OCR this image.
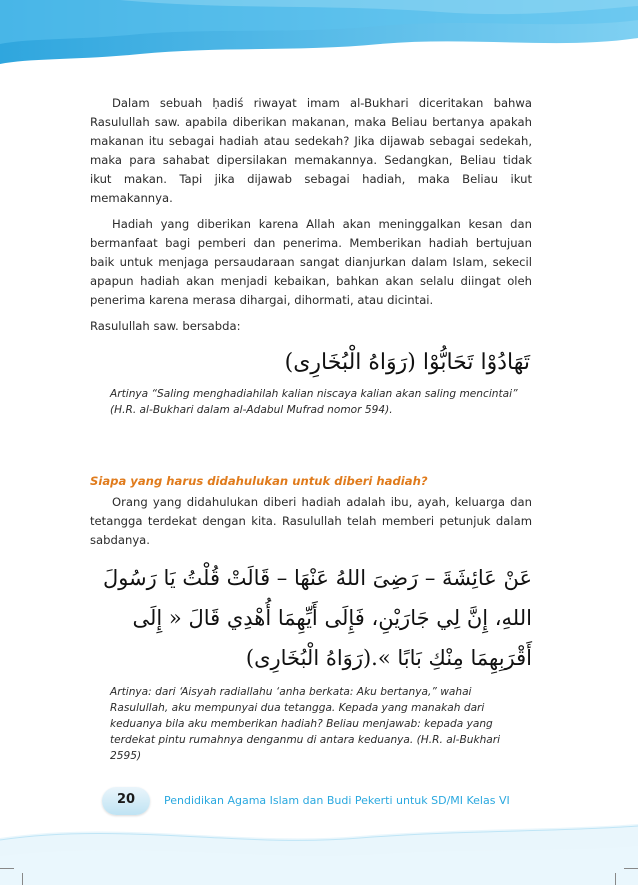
Dalam sebuah ḥadiś riwayat imam al-Bukhari diceritakan bahwa Rasulullah saw. apabila diberikan makanan, maka Beliau bertanya apakah makanan itu sebagai hadiah atau sedekah? Jika dijawab sebagai sedekah, maka para sahabat dipersilakan memakannya. Sedangkan, Beliau tidak ikut makan. Tapi jika dijawab sebagai hadiah, maka Beliau ikut memakannya.

Hadiah yang diberikan karena Allah akan meninggalkan kesan dan bermanfaat bagi pemberi dan penerima. Memberikan hadiah bertujuan baik untuk menjaga persaudaraan sangat dianjurkan dalam Islam, sekecil apapun hadiah akan menjadi kebaikan, bahkan akan selalu diingat oleh penerima karena merasa dihargai, dihormati, atau dicintai.

Rasulullah saw. bersabda:

تَهَادُوْا تَحَابُّوْا (رَوَاهُ الْبُخَارِى)
Artinya “Saling menghadiahilah kalian niscaya kalian akan saling mencintai” (H.R. al-Bukhari dalam al-Adabul Mufrad nomor 594).
Siapa yang harus didahulukan untuk diberi hadiah?

Orang yang didahulukan diberi hadiah adalah ibu, ayah, keluarga dan tetangga terdekat dengan kita. Rasulullah telah memberi petunjuk dalam sabdanya.

عَنْ عَائِشَةَ – رَضِىَ اللهُ عَنْهَا – قَالَتْ قُلْتُ يَا رَسُولَ اللهِ، إِنَّ لِي جَارَيْنِ، فَإِلَى أَيِّهِمَا أُهْدِي قَالَ « إِلَى أَقْرَبِهِمَا مِنْكِ بَابًا ».(رَوَاهُ الْبُخَارِى)
Artinya: dari ‘Aisyah radiallahu ‘anha berkata: Aku bertanya,” wahai Rasulullah, aku mempunyai dua tetangga. Kepada yang manakah dari keduanya bila aku memberikan hadiah? Beliau menjawab: kepada yang terdekat pintu rumahnya denganmu di antara keduanya. (H.R. al-Bukhari 2595)
20	Pendidikan Agama Islam dan Budi Pekerti untuk SD/MI Kelas VI
